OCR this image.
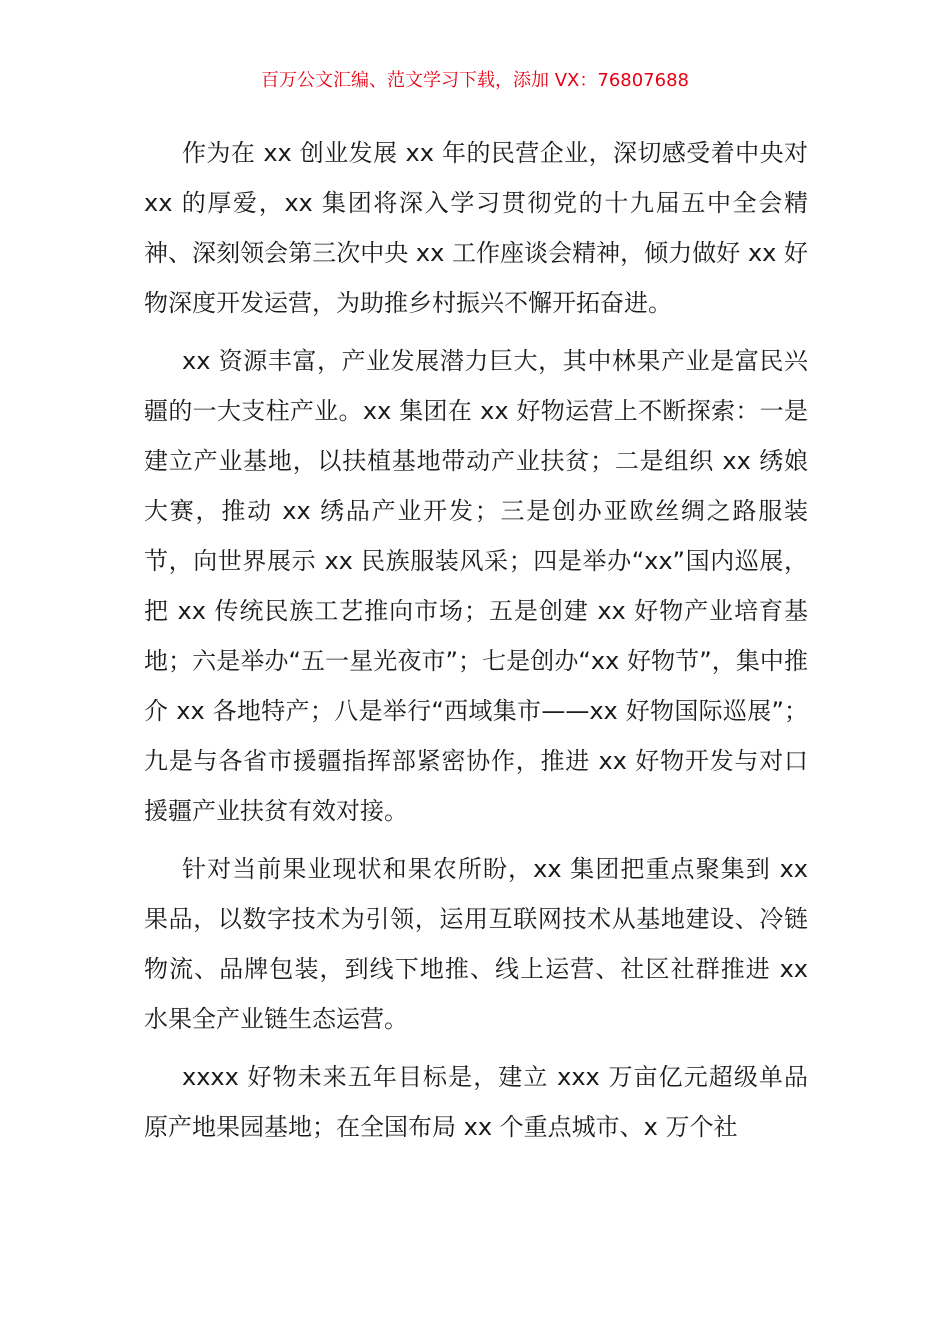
百万公文汇编、范文学习下载，添加 VX：76807688

作为在 xx 创业发展 xx 年的民营企业，深切感受着中央对 xx 的厚爱，xx 集团将深入学习贯彻党的十九届五中全会精神、深刻领会第三次中央 xx 工作座谈会精神，倾力做好 xx 好物深度开发运营，为助推乡村振兴不懈开拓奋进。

xx 资源丰富，产业发展潜力巨大，其中林果产业是富民兴疆的一大支柱产业。xx 集团在 xx 好物运营上不断探索：一是建立产业基地，以扶植基地带动产业扶贫；二是组织 xx 绣娘大赛，推动 xx 绣品产业开发；三是创办亚欧丝绸之路服装节，向世界展示 xx 民族服装风采；四是举办“xx”国内巡展，把 xx 传统民族工艺推向市场；五是创建 xx 好物产业培育基地；六是举办“五一星光夜市”；七是创办“xx 好物节”，集中推介 xx 各地特产；八是举行“西域集市——xx 好物国际巡展”；九是与各省市援疆指挥部紧密协作，推进 xx 好物开发与对口援疆产业扶贫有效对接。

针对当前果业现状和果农所盼，xx 集团把重点聚集到 xx 果品，以数字技术为引领，运用互联网技术从基地建设、冷链物流、品牌包装，到线下地推、线上运营、社区社群推进 xx 水果全产业链生态运营。

xxxx 好物未来五年目标是，建立 xxx 万亩亿元超级单品原产地果园基地；在全国布局 xx 个重点城市、x 万个社
